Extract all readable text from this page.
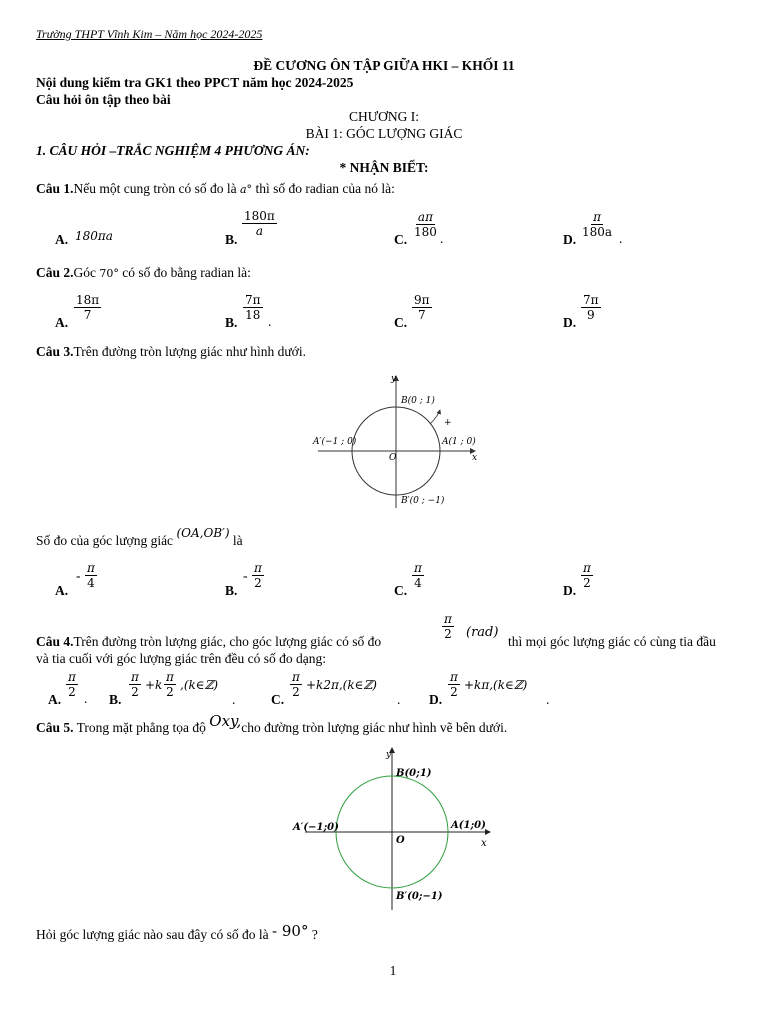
Trường THPT Vĩnh Kim – Năm học 2024-2025
ĐỀ CƯƠNG ÔN TẬP GIỮA HKI – KHỐI 11
Nội dung kiểm tra GK1 theo PPCT năm học 2024-2025
Câu hỏi ôn tập theo bài
CHƯƠNG I:
BÀI 1: GÓC LƯỢNG GIÁC
1. CÂU HỎI –TRẮC NGHIỆM 4 PHƯƠNG ÁN:
* NHẬN BIẾT:
Câu 1.Nếu một cung tròn có số đo là a° thì số đo radian của nó là:
A. 180πa	B.
$\frac{180\pi}{a}$
C.
$\frac{a\pi}{180}$ .	D.
$\frac{\pi}{180a}$ .
Câu 2.Góc 70° có số đo bằng radian là:
A.
$\frac{18\pi}{7}$
B.
$\frac{7\pi}{18}$ .	C.
$\frac{9\pi}{7}$
D.
$\frac{7\pi}{9}$
Câu 3.Trên đường tròn lượng giác như hình dưới.
y
x
B(0 ; 1)
A′(−1 ; 0)	A(1 ; 0)
B′(0 ; −1)
O
+
Số đo của góc lượng giác (OA,OB′) là
A.
- $\frac{\pi}{4}$
B.
- $\frac{\pi}{2}$
C.
$\frac{\pi}{4}$
D.
$\frac{\pi}{2}$
Câu 4.Trên đường tròn lượng giác, cho góc lượng giác có số đo
$\frac{\pi}{2} (rad)$
thì mọi góc lượng giác có cùng tia đầu
và tia cuối với góc lượng giác trên đều có số đo dạng:
A.
$\frac{\pi}{2}$ . B.
$\frac{\pi}{2} +k \frac{\pi}{2}$ ,(k∈ℤ)
.	C.
$\frac{\pi}{2}$ +k2π,(k∈ℤ)
. D.
$\frac{\pi}{2}$ +kπ,(k∈ℤ)
.
Câu 5. Trong mặt phẳng tọa độ Oxy,cho đường tròn lượng giác như hình vẽ bên dưới.
y
x
B(0;1)
A′(−1;0)	A(1;0)
B′(0;−1)
O
Hỏi góc lượng giác nào sau đây có số đo là - 90° ?
1
